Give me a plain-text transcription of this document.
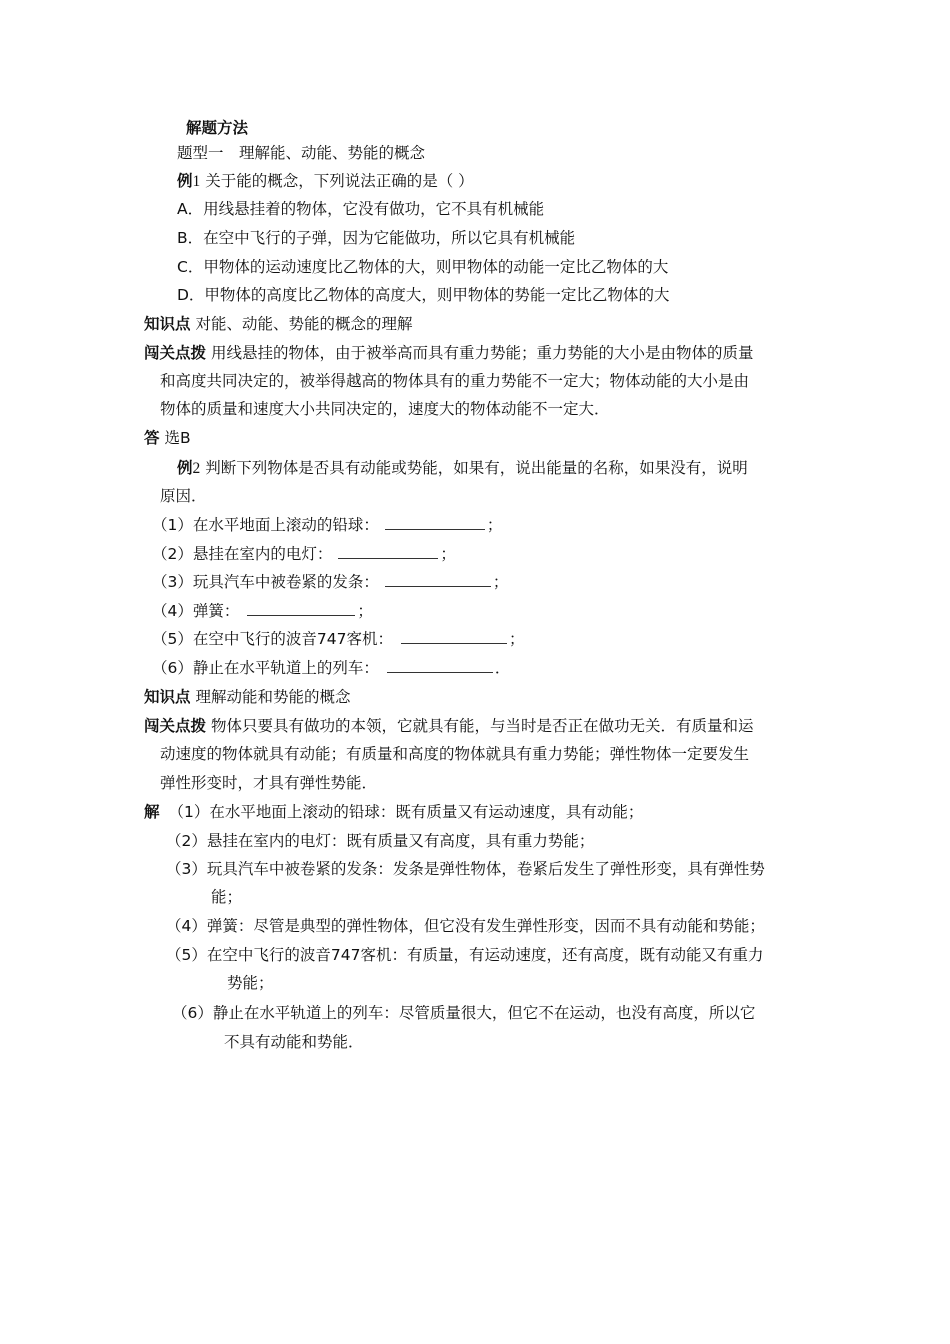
解题方法
题型一　理解能、动能、势能的概念
例1 关于能的概念，下列说法正确的是（ ）
A．用线悬挂着的物体，它没有做功，它不具有机械能
B．在空中飞行的子弹，因为它能做功，所以它具有机械能
C．甲物体的运动速度比乙物体的大，则甲物体的动能一定比乙物体的大
D．甲物体的高度比乙物体的高度大，则甲物体的势能一定比乙物体的大
知识点 对能、动能、势能的概念的理解
闯关点拨 用线悬挂的物体，由于被举高而具有重力势能；重力势能的大小是由物体的质量
和高度共同决定的，被举得越高的物体具有的重力势能不一定大；物体动能的大小是由
物体的质量和速度大小共同决定的，速度大的物体动能不一定大．
答 选B
例2 判断下列物体是否具有动能或势能，如果有，说出能量的名称，如果没有，说明
原因．
（1）在水平地面上滚动的铅球：	；
（2）悬挂在室内的电灯：	；
（3）玩具汽车中被卷紧的发条：	；
（4）弹簧：	；
（5）在空中飞行的波音747客机：	；
（6）静止在水平轨道上的列车：	．
知识点 理解动能和势能的概念
闯关点拨 物体只要具有做功的本领，它就具有能，与当时是否正在做功无关．有质量和运
动速度的物体就具有动能；有质量和高度的物体就具有重力势能；弹性物体一定要发生
弹性形变时，才具有弹性势能．
解 （1）在水平地面上滚动的铅球：既有质量又有运动速度，具有动能；
（2）悬挂在室内的电灯：既有质量又有高度，具有重力势能；
（3）玩具汽车中被卷紧的发条：发条是弹性物体，卷紧后发生了弹性形变，具有弹性势
能；
（4）弹簧：尽管是典型的弹性物体，但它没有发生弹性形变，因而不具有动能和势能；
（5）在空中飞行的波音747客机：有质量，有运动速度，还有高度，既有动能又有重力
势能；
（6）静止在水平轨道上的列车：尽管质量很大，但它不在运动，也没有高度，所以它
不具有动能和势能．
